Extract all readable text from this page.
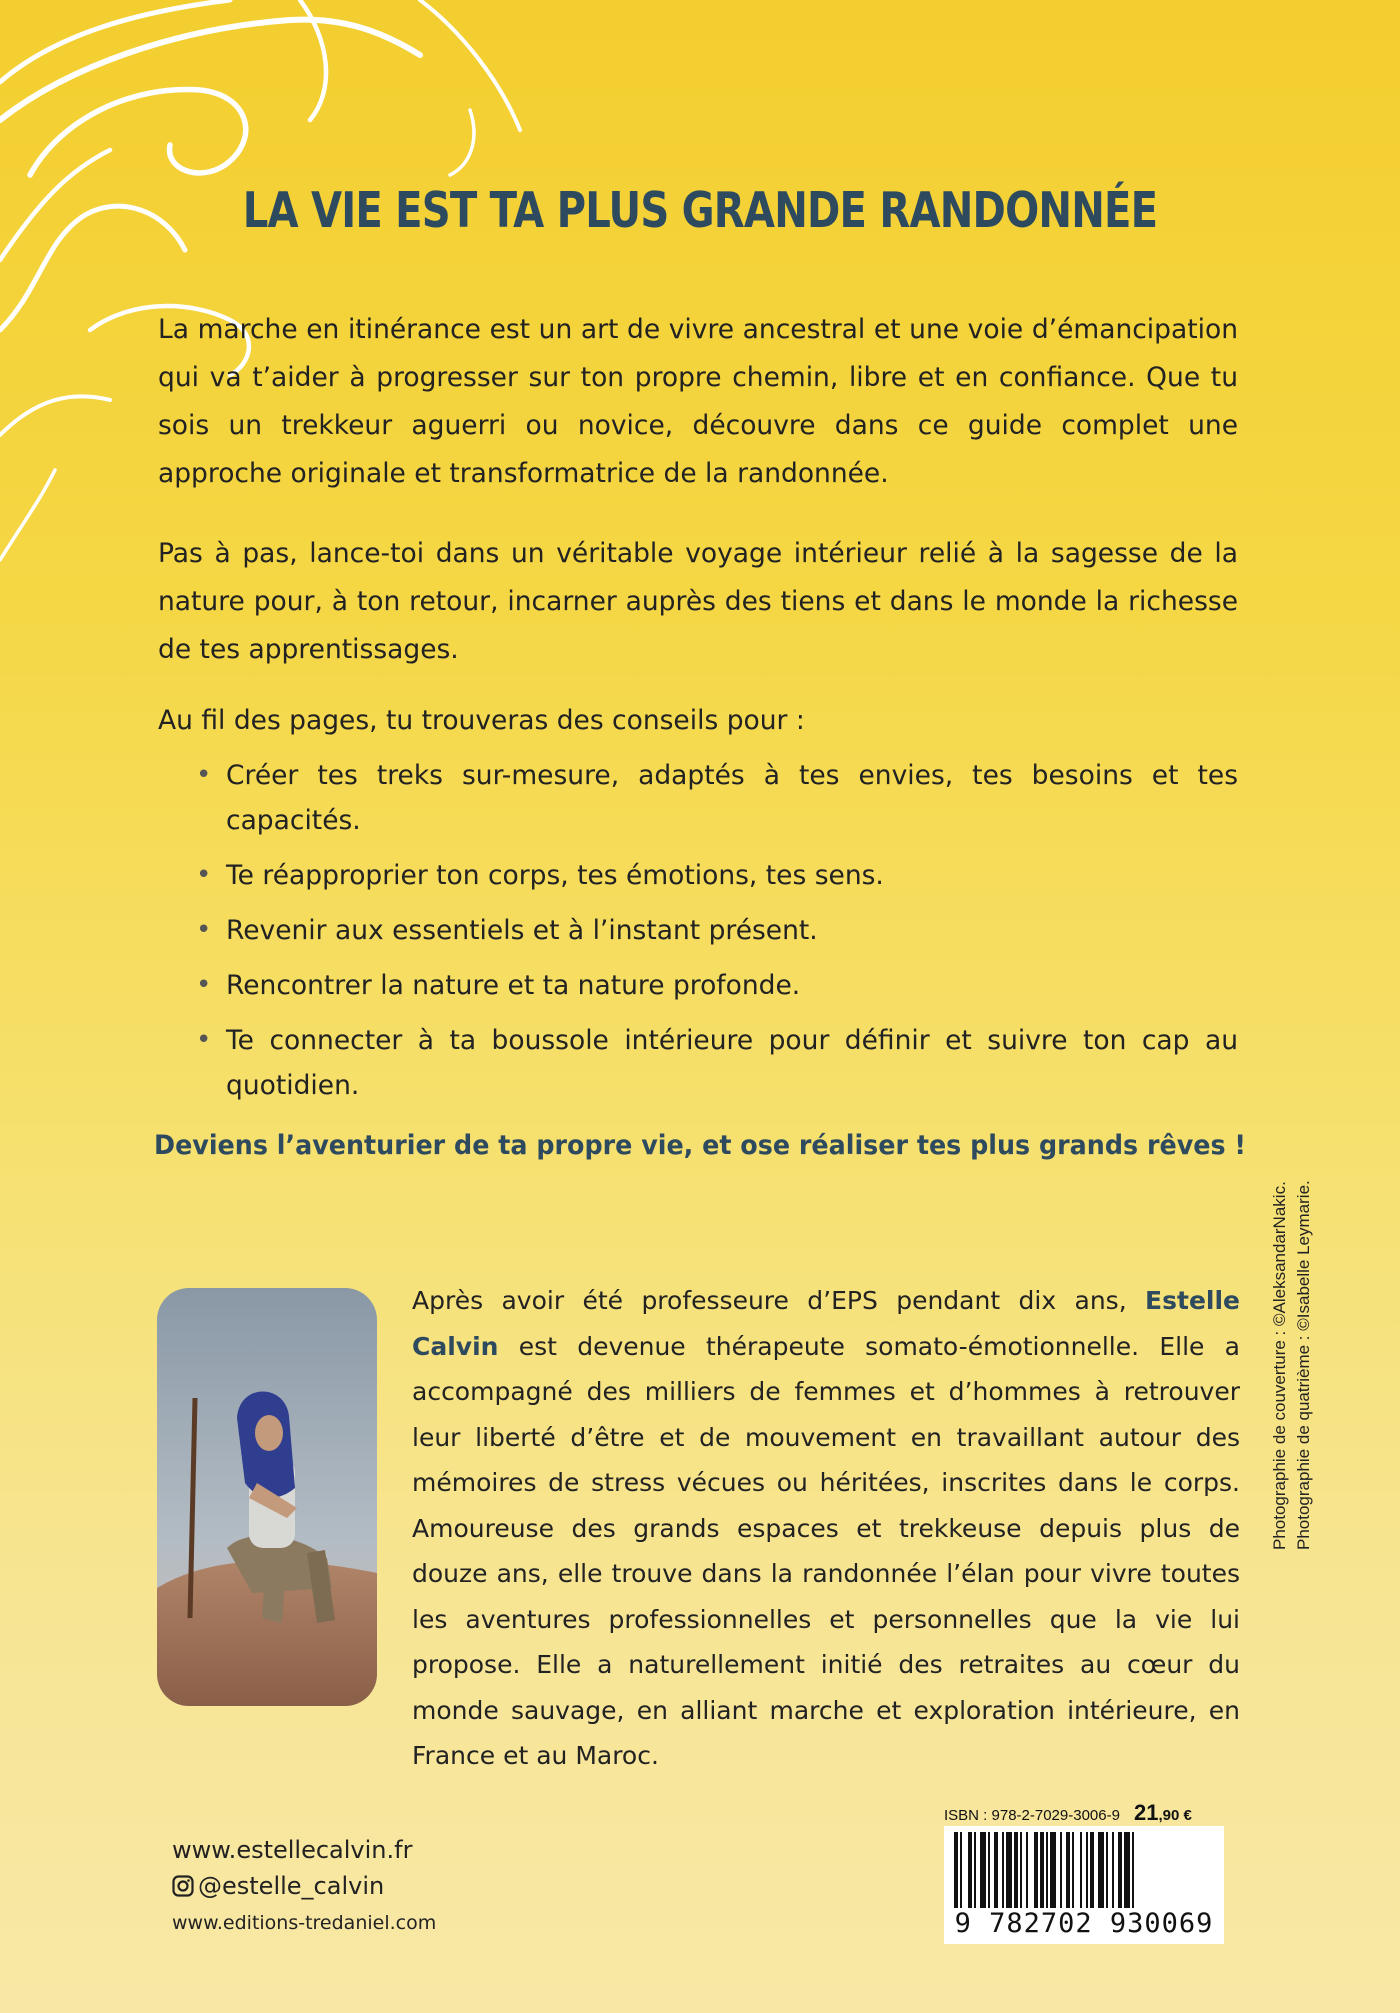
LA VIE EST TA PLUS GRANDE RANDONNÉE

La marche en itinérance est un art de vivre ancestral et une voie d’émancipation qui va t’aider à progresser sur ton propre chemin, libre et en confiance. Que tu sois un trekkeur aguerri ou novice, découvre dans ce guide complet une approche originale et transformatrice de la randonnée.

Pas à pas, lance-toi dans un véritable voyage intérieur relié à la sagesse de la nature pour, à ton retour, incarner auprès des tiens et dans le monde la richesse de tes apprentissages.

Au fil des pages, tu trouveras des conseils pour :

• Créer tes treks sur-mesure, adaptés à tes envies, tes besoins et tes capacités.
• Te réapproprier ton corps, tes émotions, tes sens.
• Revenir aux essentiels et à l’instant présent.
• Rencontrer la nature et ta nature profonde.
• Te connecter à ta boussole intérieure pour définir et suivre ton cap au quotidien.

Deviens l’aventurier de ta propre vie, et ose réaliser tes plus grands rêves !

Après avoir été professeure d’EPS pendant dix ans, Estelle Calvin est devenue thérapeute somato-émotionnelle. Elle a accompagné des milliers de femmes et d’hommes à retrouver leur liberté d’être et de mouvement en travaillant autour des mémoires de stress vécues ou héritées, inscrites dans le corps. Amoureuse des grands espaces et trekkeuse depuis plus de douze ans, elle trouve dans la randonnée l’élan pour vivre toutes les aventures professionnelles et personnelles que la vie lui propose. Elle a naturellement initié des retraites au cœur du monde sauvage, en alliant marche et exploration intérieure, en France et au Maroc.

Photographie de couverture : ©AleksandarNakic. Photographie de quatrième : ©Isabelle Leymarie.
www.estellecalvin.fr
@estelle_calvin
www.editions-tredaniel.com
ISBN : 978-2-7029-3006-9 21,90 €
9 782702 930069
